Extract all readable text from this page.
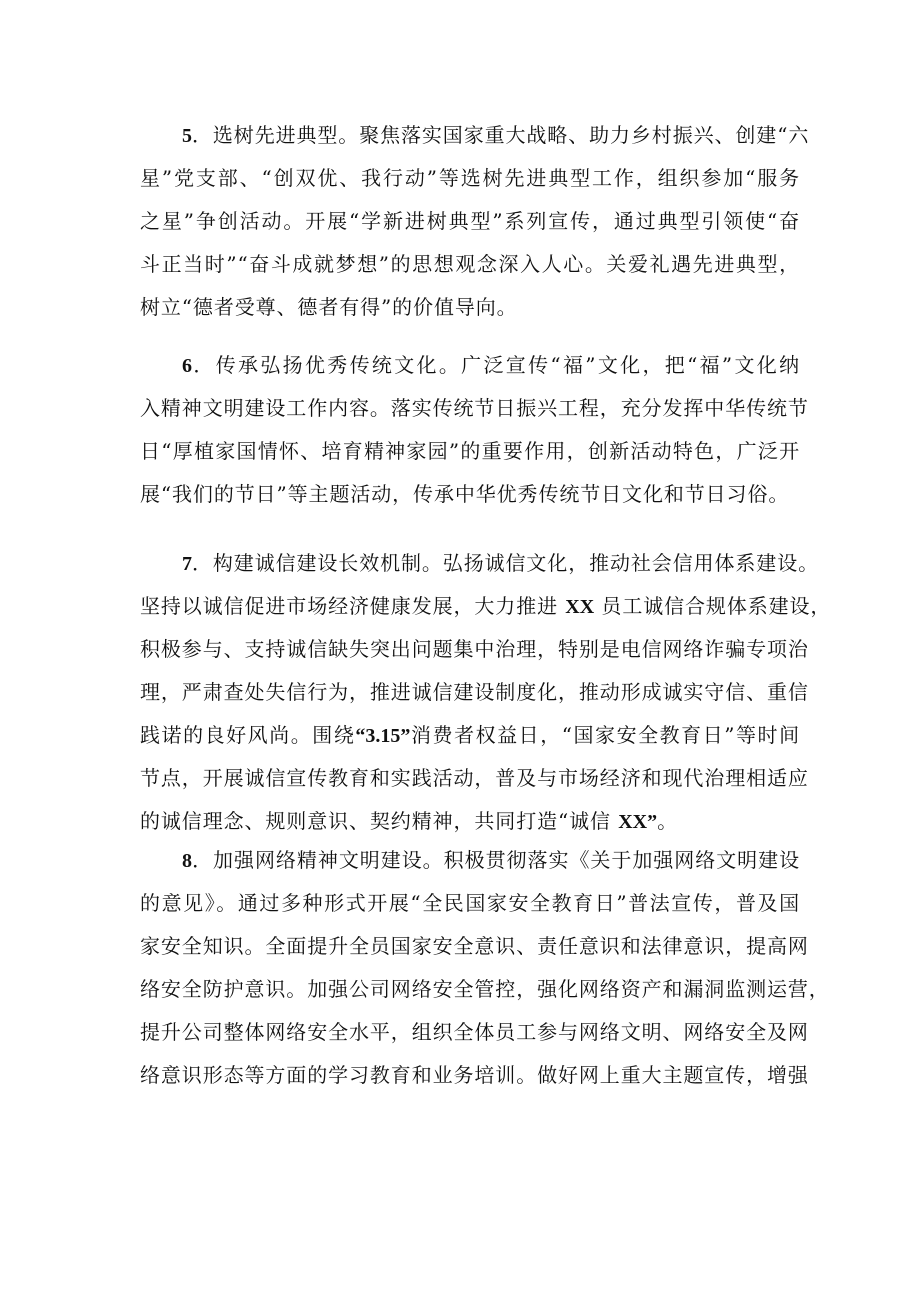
5．选树先进典型。聚焦落实国家重大战略、助力乡村振兴、创建“六
星”党支部、“创双优、我行动”等选树先进典型工作，组织参加“服务
之星”争创活动。开展“学新进树典型”系列宣传，通过典型引领使“奋
斗正当时”“奋斗成就梦想”的思想观念深入人心。关爱礼遇先进典型，
树立“德者受尊、德者有得”的价值导向。
6．传承弘扬优秀传统文化。广泛宣传“福”文化，把“福”文化纳
入精神文明建设工作内容。落实传统节日振兴工程，充分发挥中华传统节
日“厚植家国情怀、培育精神家园”的重要作用，创新活动特色，广泛开
展“我们的节日”等主题活动，传承中华优秀传统节日文化和节日习俗。
7．构建诚信建设长效机制。弘扬诚信文化，推动社会信用体系建设。
坚持以诚信促进市场经济健康发展，大力推进 XX 员工诚信合规体系建设，
积极参与、支持诚信缺失突出问题集中治理，特别是电信网络诈骗专项治
理，严肃查处失信行为，推进诚信建设制度化，推动形成诚实守信、重信
践诺的良好风尚。围绕“3.15”消费者权益日，“国家安全教育日”等时间
节点，开展诚信宣传教育和实践活动，普及与市场经济和现代治理相适应
的诚信理念、规则意识、契约精神，共同打造“诚信 XX”。
8．加强网络精神文明建设。积极贯彻落实《关于加强网络文明建设
的意见》。通过多种形式开展“全民国家安全教育日”普法宣传，普及国
家安全知识。全面提升全员国家安全意识、责任意识和法律意识，提高网
络安全防护意识。加强公司网络安全管控，强化网络资产和漏洞监测运营，
提升公司整体网络安全水平，组织全体员工参与网络文明、网络安全及网
络意识形态等方面的学习教育和业务培训。做好网上重大主题宣传，增强
